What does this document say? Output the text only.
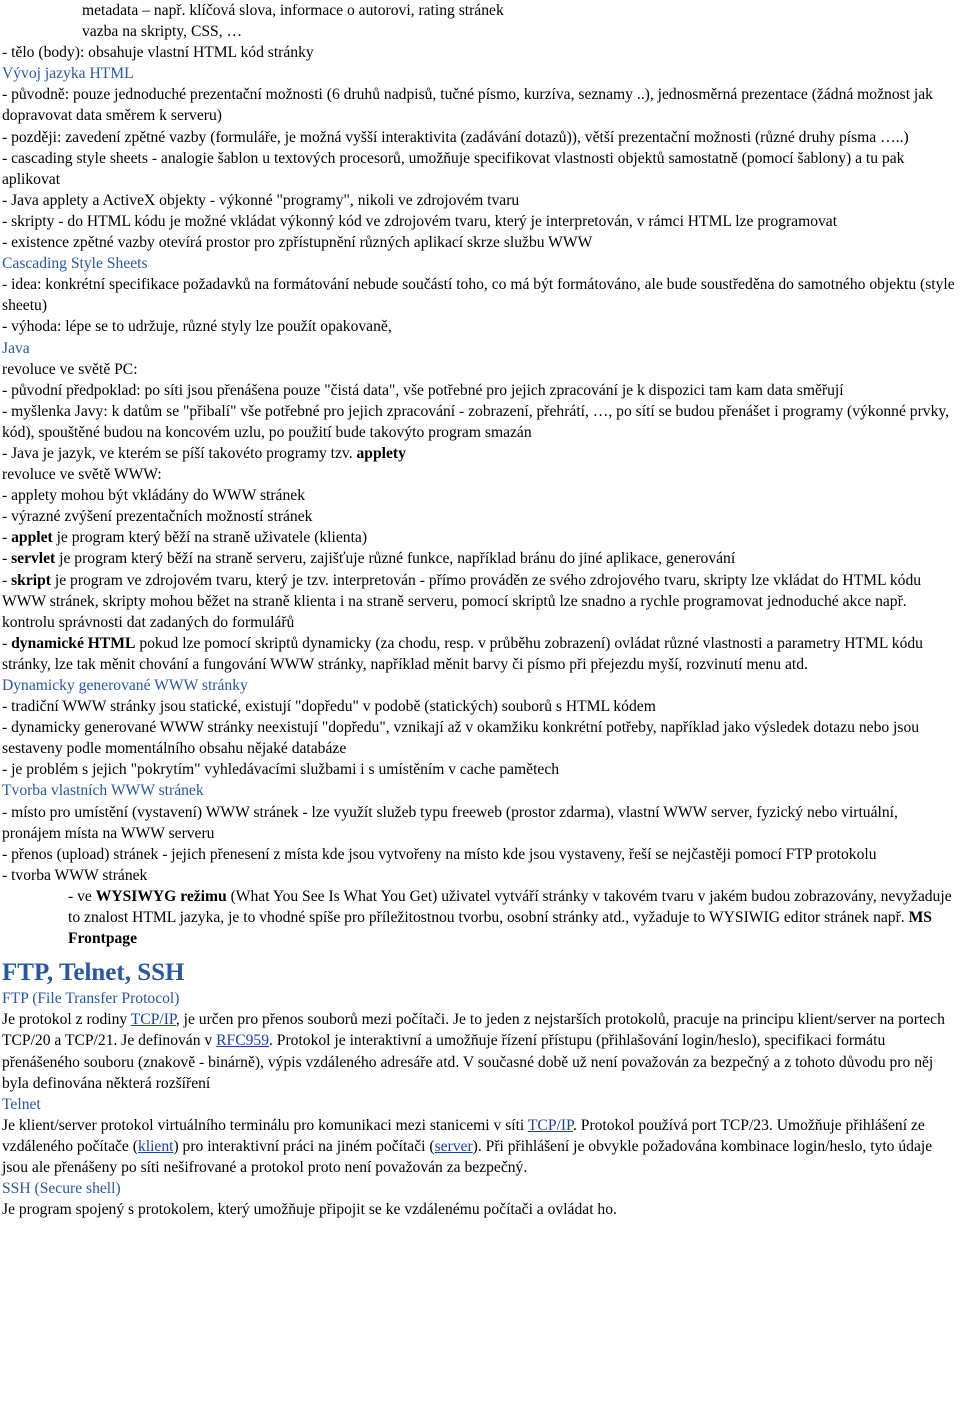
metadata – např. klíčová slova, informace o autorovi, rating stránek

vazba na skripty, CSS, …

- tělo (body): obsahuje vlastní HTML kód stránky

Vývoj jazyka HTML

- původně: pouze jednoduché prezentační možnosti (6 druhů nadpisů, tučné písmo, kurzíva, seznamy ..), jednosměrná prezentace (žádná možnost jak dopravovat data směrem k serveru)

- později: zavedení zpětné vazby (formuláře, je možná vyšší interaktivita (zadávání dotazů)), větší prezentační možnosti (různé druhy písma …..)

- cascading style sheets - analogie šablon u textových procesorů, umožňuje specifikovat vlastnosti objektů samostatně (pomocí šablony) a tu pak aplikovat

- Java applety a ActiveX objekty - výkonné "programy", nikoli ve zdrojovém tvaru

- skripty - do HTML kódu je možné vkládat výkonný kód ve zdrojovém tvaru, který je interpretován, v rámci HTML lze programovat

- existence zpětné vazby otevírá prostor pro zpřístupnění různých aplikací skrze službu WWW

Cascading Style Sheets

- idea: konkrétní specifikace požadavků na formátování nebude součástí toho, co má být formátováno, ale bude soustředěna do samotného objektu (style sheetu)

- výhoda: lépe se to udržuje, různé styly lze použít opakovaně,

Java

revoluce ve světě PC:

- původní předpoklad: po síti jsou přenášena pouze "čistá data", vše potřebné pro jejich zpracování je k dispozici tam kam data směřují

- myšlenka Javy: k datům se "přibalí" vše potřebné pro jejich zpracování - zobrazení, přehrátí, …, po sítí se budou přenášet i programy (výkonné prvky, kód), spouštěné budou na koncovém uzlu, po použití bude takovýto program smazán

- Java je jazyk, ve kterém se píší takovéto programy tzv. applety

revoluce ve světě WWW:

- applety mohou být vkládány do WWW stránek

- výrazné zvýšení prezentačních možností stránek

- applet je program který běží na straně uživatele (klienta)

- servlet je program který běží na straně serveru, zajišťuje různé funkce, například bránu do jiné aplikace, generování

- skript je program ve zdrojovém tvaru, který je tzv. interpretován - přímo prováděn ze svého zdrojového tvaru, skripty lze vkládat do HTML kódu WWW stránek, skripty mohou běžet na straně klienta i na straně serveru, pomocí skriptů lze snadno a rychle programovat jednoduché akce např. kontrolu správnosti dat zadaných do formulářů

- dynamické HTML pokud lze pomocí skriptů dynamicky (za chodu, resp. v průběhu zobrazení) ovládat různé vlastnosti a parametry HTML kódu stránky, lze tak měnit chování a fungování WWW stránky, například měnit barvy či písmo při přejezdu myší, rozvinutí menu atd.

Dynamicky generované WWW stránky

- tradiční WWW stránky jsou statické, existují "dopředu" v podobě (statických) souborů s HTML kódem

- dynamicky generované WWW stránky neexistují "dopředu", vznikají až v okamžiku konkrétní potřeby, například jako výsledek dotazu nebo jsou sestaveny podle momentálního obsahu nějaké databáze

- je problém s jejich "pokrytím" vyhledávacími službami i s umístěním v cache pamětech

Tvorba vlastních WWW stránek

- místo pro umístění (vystavení) WWW stránek - lze využít služeb typu freeweb (prostor zdarma), vlastní WWW server, fyzický nebo virtuální, pronájem místa na WWW serveru

- přenos (upload) stránek - jejich přenesení z místa kde jsou vytvořeny na místo kde jsou vystaveny, řeší se nejčastěji pomocí FTP protokolu

- tvorba WWW stránek

- ve WYSIWYG režimu (What You See Is What You Get) uživatel vytváří stránky v takovém tvaru v jakém budou zobrazovány, nevyžaduje to znalost HTML jazyka, je to vhodné spíše pro příležitostnou tvorbu, osobní stránky atd., vyžaduje to WYSIWIG editor stránek např. MS Frontpage

FTP, Telnet, SSH

FTP (File Transfer Protocol)

Je protokol z rodiny TCP/IP, je určen pro přenos souborů mezi počítači. Je to jeden z nejstarších protokolů, pracuje na principu klient/server na portech TCP/20 a TCP/21. Je definován v RFC959. Protokol je interaktivní a umožňuje řízení přístupu (přihlašování login/heslo), specifikaci formátu přenášeného souboru (znakově - binárně), výpis vzdáleného adresáře atd. V současné době už není považován za bezpečný a z tohoto důvodu pro něj byla definována některá rozšíření

Telnet

Je klient/server protokol virtuálního terminálu pro komunikaci mezi stanicemi v síti TCP/IP. Protokol používá port TCP/23. Umožňuje přihlášení ze vzdáleného počítače (klient) pro interaktivní práci na jiném počítači (server). Při přihlášení je obvykle požadována kombinace login/heslo, tyto údaje jsou ale přenášeny po síti nešifrované a protokol proto není považován za bezpečný.

SSH (Secure shell)

Je program spojený s protokolem, který umožňuje připojit se ke vzdálenému počítači a ovládat ho.
